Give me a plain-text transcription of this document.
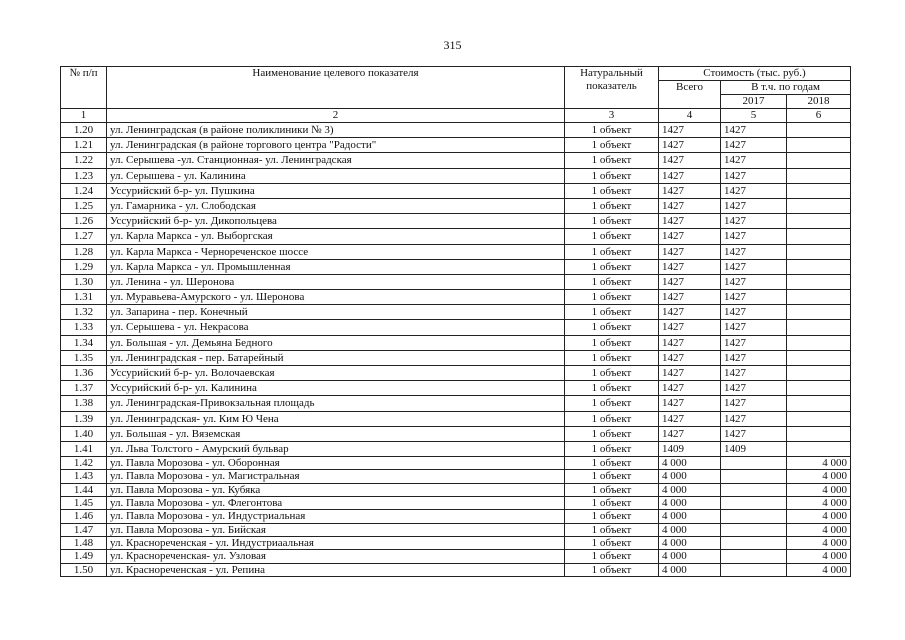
315
№ п/п	Наименование целевого показателя	Натуральный показатель	Стоимость (тыс. руб.)		
			Всего	В т.ч. по годам	
				2017	2018
1	2	3	4	5	6
1.20	ул. Ленинградская (в районе поликлиники № 3)	1 объект	1427	1427	
1.21	ул. Ленинградская (в районе торгового центра "Радости"	1 объект	1427	1427	
1.22	ул. Серышева -ул. Станционная- ул. Ленинградская	1 объект	1427	1427	
1.23	ул. Серышева - ул. Калинина	1 объект	1427	1427	
1.24	Уссурийский б-р- ул. Пушкина	1 объект	1427	1427	
1.25	ул. Гамарника - ул. Слободская	1 объект	1427	1427	
1.26	Уссурийский б-р- ул. Дикопольцева	1 объект	1427	1427	
1.27	ул. Карла Маркса - ул. Выборгская	1 объект	1427	1427	
1.28	ул. Карла Маркса - Чернореченское шоссе	1 объект	1427	1427	
1.29	ул. Карла Маркса - ул. Промышленная	1 объект	1427	1427	
1.30	ул. Ленина - ул. Шеронова	1 объект	1427	1427	
1.31	ул. Муравьева-Амурского - ул. Шеронова	1 объект	1427	1427	
1.32	ул. Запарина - пер. Конечный	1 объект	1427	1427	
1.33	ул. Серышева - ул. Некрасова	1 объект	1427	1427	
1.34	ул. Большая - ул. Демьяна Бедного	1 объект	1427	1427	
1.35	ул. Ленинградская - пер. Батарейный	1 объект	1427	1427	
1.36	Уссурийский б-р- ул. Волочаевская	1 объект	1427	1427	
1.37	Уссурийский б-р- ул. Калинина	1 объект	1427	1427	
1.38	ул. Ленинградская-Привокзальная площадь	1 объект	1427	1427	
1.39	ул. Ленинградская- ул. Ким Ю Чена	1 объект	1427	1427	
1.40	ул. Большая - ул. Вяземская	1 объект	1427	1427	
1.41	ул. Льва Толстого - Амурский бульвар	1 объект	1409	1409	
1.42	ул. Павла Морозова - ул. Оборонная	1 объект	4 000		4 000
1.43	ул. Павла Морозова - ул. Магистральная	1 объект	4 000		4 000
1.44	ул. Павла Морозова - ул. Кубяка	1 объект	4 000		4 000
1.45	ул. Павла Морозова - ул. Флегонтова	1 объект	4 000		4 000
1.46	ул. Павла Морозова - ул. Индустриальная	1 объект	4 000		4 000
1.47	ул. Павла Морозова - ул. Бийская	1 объект	4 000		4 000
1.48	ул. Краснореченская - ул. Индустриаальная	1 объект	4 000		4 000
1.49	ул. Краснореченская- ул. Узловая	1 объект	4 000		4 000
1.50	ул. Краснореченская - ул. Репина	1 объект	4 000		4 000
